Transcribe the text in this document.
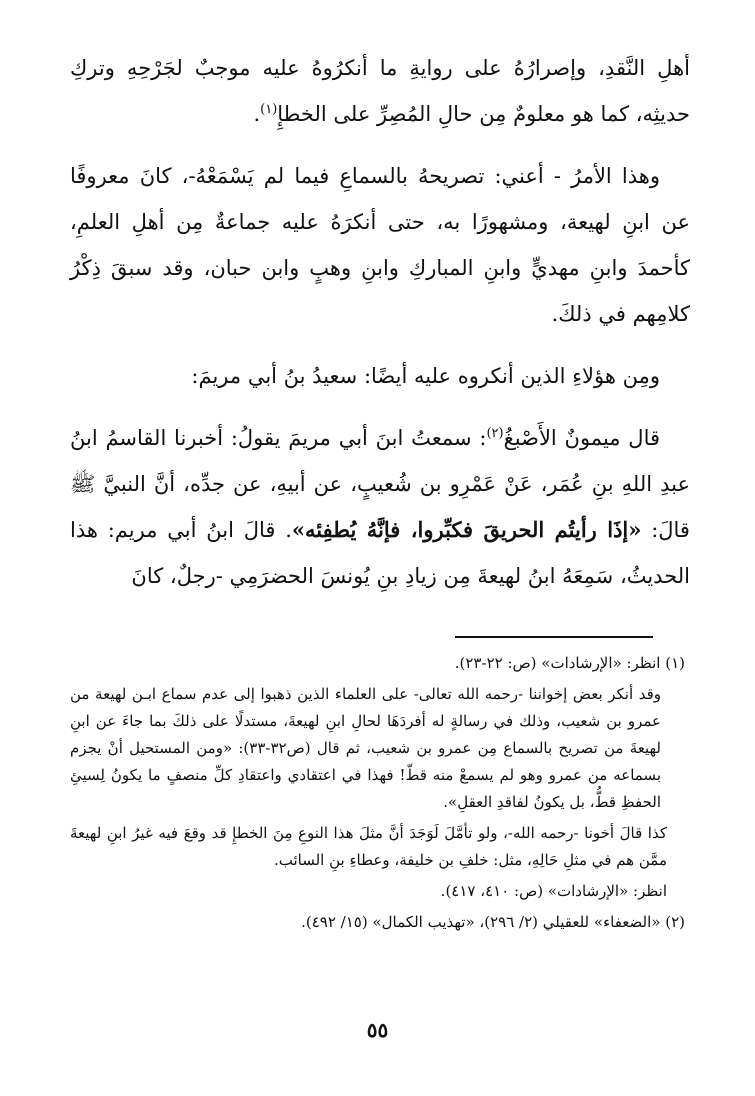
أهلِ النَّقدِ، وإصرارُهُ على روايةِ ما أنكرُوهُ عليه موجبٌ لجَرْحِهِ وتركِ حديثِه، كما هو معلومٌ مِن حالِ المُصِرِّ على الخطإِ$^{(١)}$.

وهذا الأمرُ - أعني: تصريحهُ بالسماعِ فيما لم يَسْمَعْهُ-، كانَ معروفًا عن ابنِ لهيعة، ومشهورًا به، حتى أنكرَهُ عليه جماعةٌ مِن أهلِ العلمِ، كأحمدَ وابنِ مهديٍّ وابنِ المباركِ وابنِ وهبٍ وابن حبان، وقد سبقَ ذِكْرُ كلامِهم في ذلكَ.

ومِن هؤلاءِ الذين أنكروه عليه أيضًا: سعيدُ بنُ أبي مريمَ:

قال ميمونٌ الأَصْبغُ$^{(٢)}$: سمعتُ ابنَ أبي مريمَ يقولُ: أخبرنا القاسمُ ابنُ عبدِ اللهِ بنِ عُمَر، عَنْ عَمْرِو بن شُعيبٍ، عن أبيهِ، عن جدِّه، أنَّ النبيَّ ﷺ قالَ: «إذَا رأيتُم الحريقَ فكبِّروا، فإنَّهُ يُطفِئه». قالَ ابنُ أبي مريم: هذا الحديثُ، سَمِعَهُ ابنُ لهيعةَ مِن زيادِ بنِ يُونسَ الحضرَمِي -رجلٌ، كانَ

(١) انظر: «الإرشادات» (ص: ٢٢-٢٣).

وقد أنكر بعض إخواننا -رحمه الله تعالى- على العلماء الذين ذهبوا إلى عدم سماع ابـن لهيعة من عمرو بن شعيب، وذلك في رسالةٍ له أفردَهَا لحالِ ابنِ لهيعةَ، مستدلًا على ذلكَ بما جاءَ عن ابنِ لهيعةَ من تصريح بالسماع مِن عمرو بن شعيب، ثم قال (ص٣٢-٣٣): «ومن المستحيل أنْ يجزم بسماعه من عمرو وهو لم يسمعْ منه قطّ! فهذا في اعتقادي واعتقادِ كلِّ منصفٍ ما يكونُ لِسيئِ الحفظِ قطُّ، بل يكونُ لفاقدِ العقلِ».

كذا قالَ أخونا -رحمه الله-، ولو تأمَّلَ لَوَجَدَ أنَّ مثلَ هذا النوعِ مِنَ الخطإِ قد وقعَ فيه غيرُ ابنِ لهيعةَ ممَّن هم في مثلِ حَالِهِ، مثل: خلفِ بن خليفة، وعطاءِ بنِ السائب.

انظر: «الإرشادات» (ص: ٤١٠، ٤١٧).

(٢) «الضعفاء» للعقيلي (٢/ ٢٩٦)، «تهذيب الكمال» (١٥/ ٤٩٢).

٥٥
